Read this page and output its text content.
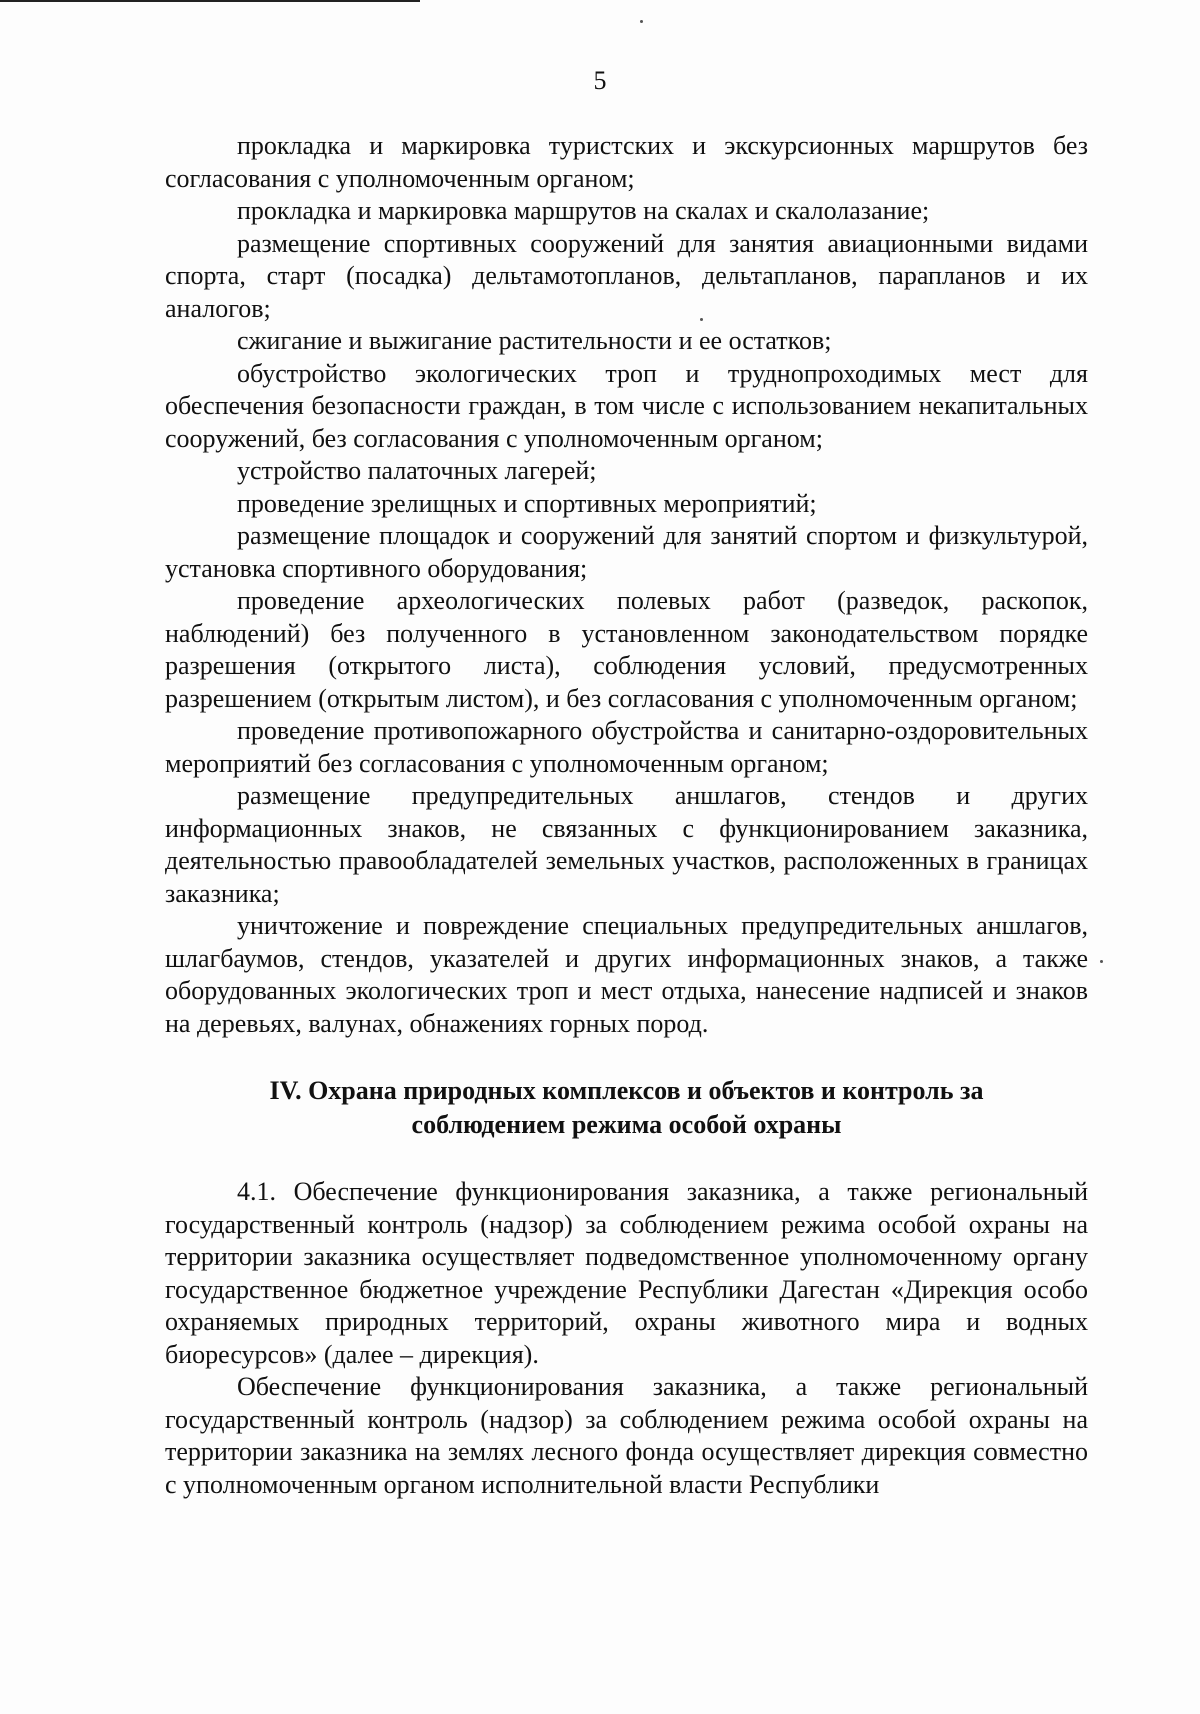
5

прокладка и маркировка туристских и экскурсионных маршрутов без согласования с уполномоченным органом;

прокладка и маркировка маршрутов на скалах и скалолазание;

размещение спортивных сооружений для занятия авиационными видами спорта, старт (посадка) дельтамотопланов, дельтапланов, парапланов и их аналогов;

сжигание и выжигание растительности и ее остатков;

обустройство экологических троп и труднопроходимых мест для обеспечения безопасности граждан, в том числе с использованием некапитальных сооружений, без согласования с уполномоченным органом;

устройство палаточных лагерей;

проведение зрелищных и спортивных мероприятий;

размещение площадок и сооружений для занятий спортом и физкультурой, установка спортивного оборудования;

проведение археологических полевых работ (разведок, раскопок, наблюдений) без полученного в установленном законодательством порядке разрешения (открытого листа), соблюдения условий, предусмотренных разрешением (открытым листом), и без согласования с уполномоченным органом;

проведение противопожарного обустройства и санитарно-оздоровительных мероприятий без согласования с уполномоченным органом;

размещение предупредительных аншлагов, стендов и других информационных знаков, не связанных с функционированием заказника, деятельностью правообладателей земельных участков, расположенных в границах заказника;

уничтожение и повреждение специальных предупредительных аншлагов, шлагбаумов, стендов, указателей и других информационных знаков, а также оборудованных экологических троп и мест отдыха, нанесение надписей и знаков на деревьях, валунах, обнажениях горных пород.

IV. Охрана природных комплексов и объектов и контроль за
соблюдением режима особой охраны

4.1. Обеспечение функционирования заказника, а также региональный государственный контроль (надзор) за соблюдением режима особой охраны на территории заказника осуществляет подведомственное уполномоченному органу государственное бюджетное учреждение Республики Дагестан «Дирекция особо охраняемых природных территорий, охраны животного мира и водных биоресурсов» (далее – дирекция).

Обеспечение функционирования заказника, а также региональный государственный контроль (надзор) за соблюдением режима особой охраны на территории заказника на землях лесного фонда осуществляет дирекция совместно с уполномоченным органом исполнительной власти Республики
